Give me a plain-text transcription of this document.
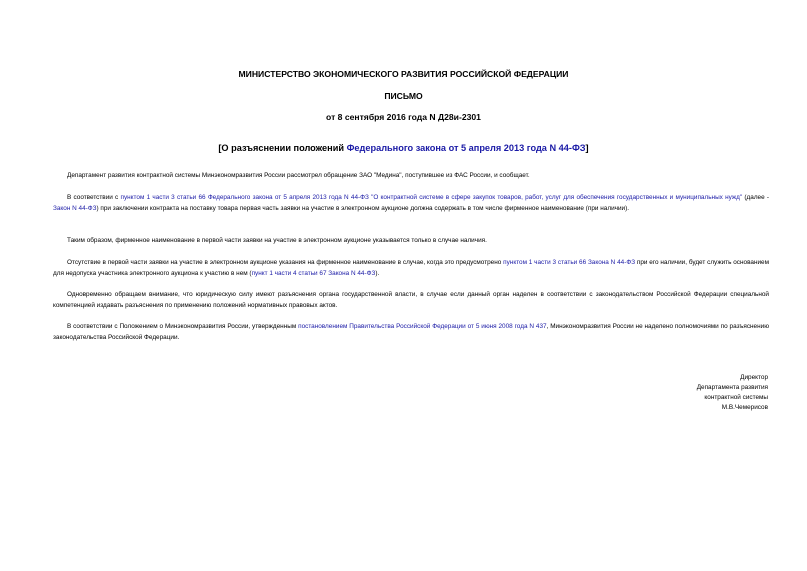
МИНИСТЕРСТВО ЭКОНОМИЧЕСКОГО РАЗВИТИЯ РОССИЙСКОЙ ФЕДЕРАЦИИ
ПИСЬМО
от 8 сентября 2016 года N Д28и-2301
[О разъяснении положений Федерального закона от 5 апреля 2013 года N 44-ФЗ]
Департамент развития контрактной системы Минэкономразвития России рассмотрел обращение ЗАО "Медина", поступившее из ФАС России, и сообщает.
В соответствии с пунктом 1 части 3 статьи 66 Федерального закона от 5 апреля 2013 года N 44-ФЗ "О контрактной системе в сфере закупок товаров, работ, услуг для обеспечения государственных и муниципальных нужд" (далее - Закон N 44-ФЗ) при заключении контракта на поставку товара первая часть заявки на участие в электронном аукционе должна содержать в том числе фирменное наименование (при наличии).
Таким образом, фирменное наименование в первой части заявки на участие в электронном аукционе указывается только в случае наличия.
Отсутствие в первой части заявки на участие в электронном аукционе указания на фирменное наименование в случае, когда это предусмотрено пунктом 1 части 3 статьи 66 Закона N 44-ФЗ при его наличии, будет служить основанием для недопуска участника электронного аукциона к участию в нем (пункт 1 части 4 статьи 67 Закона N 44-ФЗ).
Одновременно обращаем внимание, что юридическую силу имеют разъяснения органа государственной власти, в случае если данный орган наделен в соответствии с законодательством Российской Федерации специальной компетенцией издавать разъяснения по применению положений нормативных правовых актов.
В соответствии с Положением о Минэкономразвития России, утвержденным постановлением Правительства Российской Федерации от 5 июня 2008 года N 437, Минэкономразвития России не наделено полномочиями по разъяснению законодательства Российской Федерации.
Директор
Департамента развития
контрактной системы
М.В.Чемерисов
